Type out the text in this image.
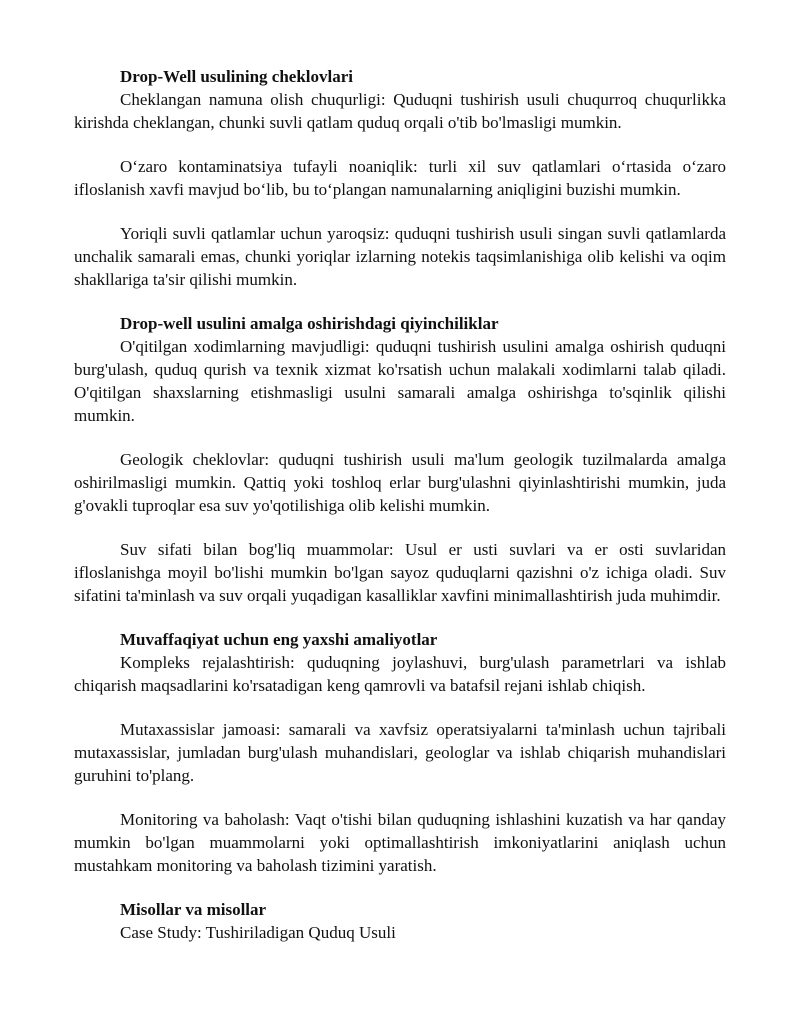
Drop-Well usulining cheklovlari

Cheklangan namuna olish chuqurligi: Quduqni tushirish usuli chuqurroq chuqurlikka kirishda cheklangan, chunki suvli qatlam quduq orqali o'tib bo'lmasligi mumkin.

O‘zaro kontaminatsiya tufayli noaniqlik: turli xil suv qatlamlari o‘rtasida o‘zaro ifloslanish xavfi mavjud bo‘lib, bu to‘plangan namunalarning aniqligini buzishi mumkin.

Yoriqli suvli qatlamlar uchun yaroqsiz: quduqni tushirish usuli singan suvli qatlamlarda unchalik samarali emas, chunki yoriqlar izlarning notekis taqsimlanishiga olib kelishi va oqim shakllariga ta'sir qilishi mumkin.

Drop-well usulini amalga oshirishdagi qiyinchiliklar

O'qitilgan xodimlarning mavjudligi: quduqni tushirish usulini amalga oshirish quduqni burg'ulash, quduq qurish va texnik xizmat ko'rsatish uchun malakali xodimlarni talab qiladi. O'qitilgan shaxslarning etishmasligi usulni samarali amalga oshirishga to'sqinlik qilishi mumkin.

Geologik cheklovlar: quduqni tushirish usuli ma'lum geologik tuzilmalarda amalga oshirilmasligi mumkin. Qattiq yoki toshloq erlar burg'ulashni qiyinlashtirishi mumkin, juda g'ovakli tuproqlar esa suv yo'qotilishiga olib kelishi mumkin.

Suv sifati bilan bog'liq muammolar: Usul er usti suvlari va er osti suvlaridan ifloslanishga moyil bo'lishi mumkin bo'lgan sayoz quduqlarni qazishni o'z ichiga oladi. Suv sifatini ta'minlash va suv orqali yuqadigan kasalliklar xavfini minimallashtirish juda muhimdir.

Muvaffaqiyat uchun eng yaxshi amaliyotlar

Kompleks rejalashtirish: quduqning joylashuvi, burg'ulash parametrlari va ishlab chiqarish maqsadlarini ko'rsatadigan keng qamrovli va batafsil rejani ishlab chiqish.

Mutaxassislar jamoasi: samarali va xavfsiz operatsiyalarni ta'minlash uchun tajribali mutaxassislar, jumladan burg'ulash muhandislari, geologlar va ishlab chiqarish muhandislari guruhini to'plang.

Monitoring va baholash: Vaqt o'tishi bilan quduqning ishlashini kuzatish va har qanday mumkin bo'lgan muammolarni yoki optimallashtirish imkoniyatlarini aniqlash uchun mustahkam monitoring va baholash tizimini yaratish.

Misollar va misollar
Case Study: Tushiriladigan Quduq Usuli
